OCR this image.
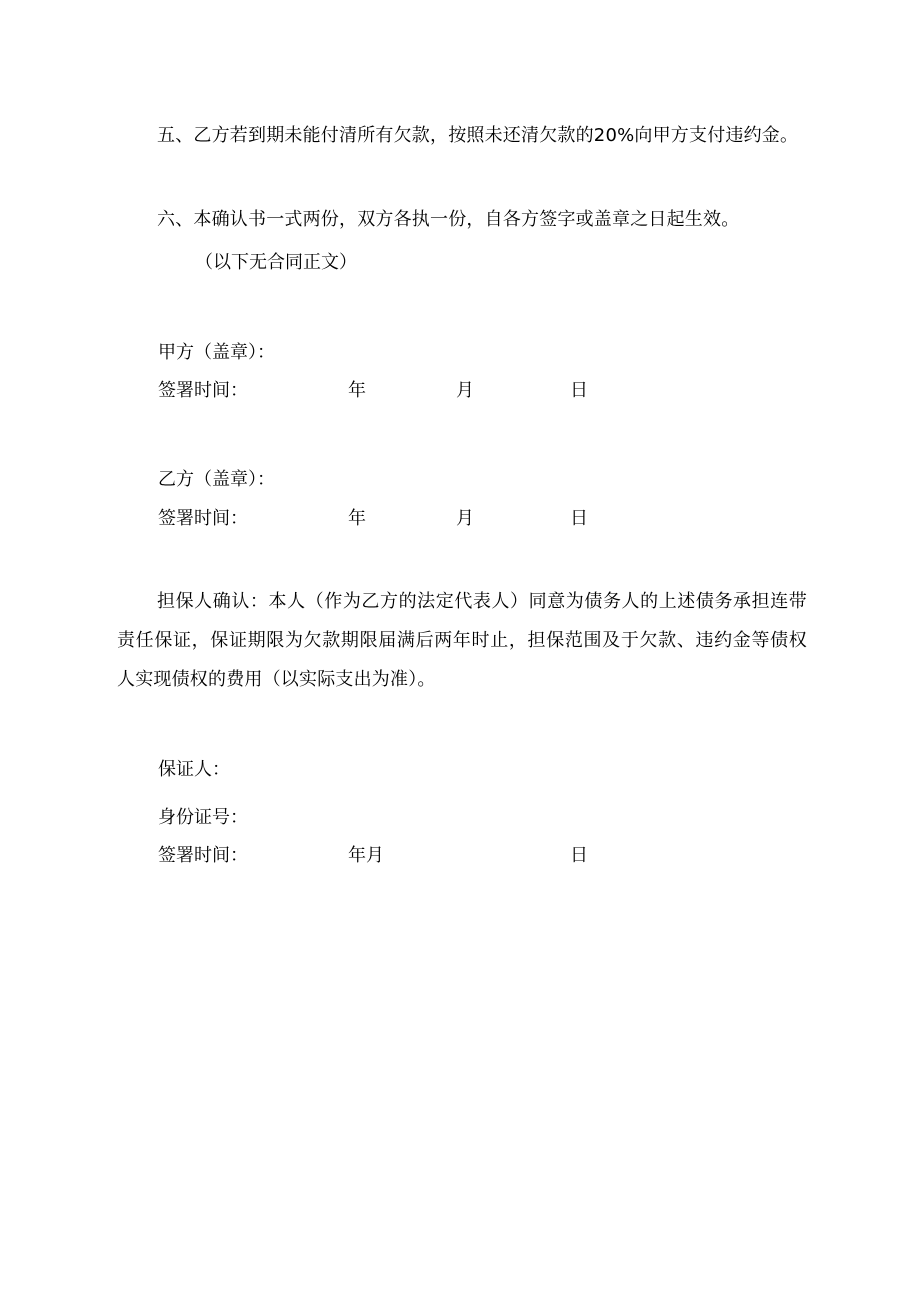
五、乙方若到期未能付清所有欠款，按照未还清欠款的20%向甲方支付违约金。

六、本确认书一式两份，双方各执一份，自各方签字或盖章之日起生效。

（以下无合同正文）

甲方（盖章）：

签署时间：	年	月	日

乙方（盖章）：

签署时间：	年	月	日

担保人确认：本人（作为乙方的法定代表人）同意为债务人的上述债务承担连带责任保证，保证期限为欠款期限届满后两年时止，担保范围及于欠款、违约金等债权人实现债权的费用（以实际支出为准）。

保证人：

身份证号：

签署时间：	年月	日
